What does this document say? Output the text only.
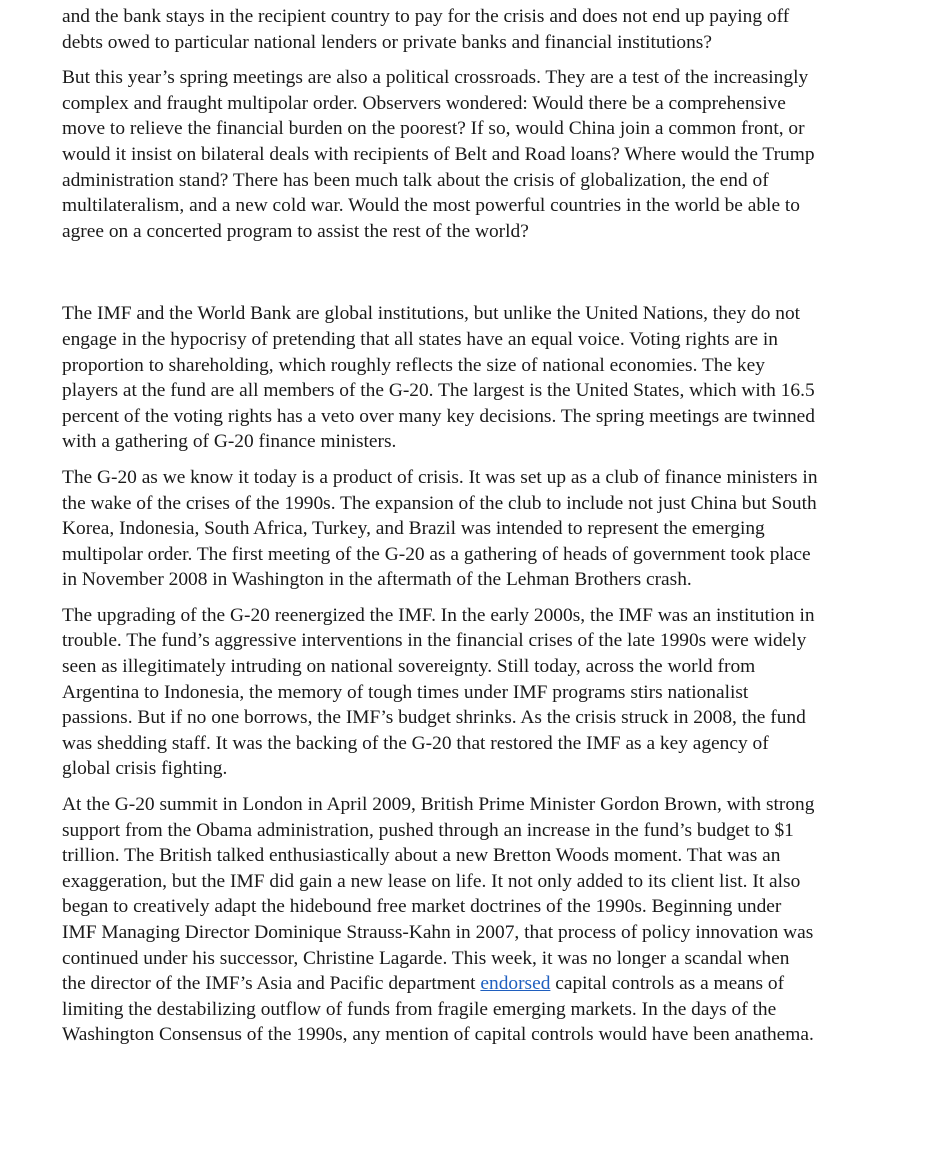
and the bank stays in the recipient country to pay for the crisis and does not end up paying off
debts owed to particular national lenders or private banks and financial institutions?

But this year’s spring meetings are also a political crossroads. They are a test of the increasingly
complex and fraught multipolar order. Observers wondered: Would there be a comprehensive
move to relieve the financial burden on the poorest? If so, would China join a common front, or
would it insist on bilateral deals with recipients of Belt and Road loans? Where would the Trump
administration stand? There has been much talk about the crisis of globalization, the end of
multilateralism, and a new cold war. Would the most powerful countries in the world be able to
agree on a concerted program to assist the rest of the world?

The IMF and the World Bank are global institutions, but unlike the United Nations, they do not
engage in the hypocrisy of pretending that all states have an equal voice. Voting rights are in
proportion to shareholding, which roughly reflects the size of national economies. The key
players at the fund are all members of the G-20. The largest is the United States, which with 16.5
percent of the voting rights has a veto over many key decisions. The spring meetings are twinned
with a gathering of G-20 finance ministers.

The G-20 as we know it today is a product of crisis. It was set up as a club of finance ministers in
the wake of the crises of the 1990s. The expansion of the club to include not just China but South
Korea, Indonesia, South Africa, Turkey, and Brazil was intended to represent the emerging
multipolar order. The first meeting of the G-20 as a gathering of heads of government took place
in November 2008 in Washington in the aftermath of the Lehman Brothers crash.

The upgrading of the G-20 reenergized the IMF. In the early 2000s, the IMF was an institution in
trouble. The fund’s aggressive interventions in the financial crises of the late 1990s were widely
seen as illegitimately intruding on national sovereignty. Still today, across the world from
Argentina to Indonesia, the memory of tough times under IMF programs stirs nationalist
passions. But if no one borrows, the IMF’s budget shrinks. As the crisis struck in 2008, the fund
was shedding staff. It was the backing of the G-20 that restored the IMF as a key agency of
global crisis fighting.

At the G-20 summit in London in April 2009, British Prime Minister Gordon Brown, with strong
support from the Obama administration, pushed through an increase in the fund’s budget to $1
trillion. The British talked enthusiastically about a new Bretton Woods moment. That was an
exaggeration, but the IMF did gain a new lease on life. It not only added to its client list. It also
began to creatively adapt the hidebound free market doctrines of the 1990s. Beginning under
IMF Managing Director Dominique Strauss-Kahn in 2007, that process of policy innovation was
continued under his successor, Christine Lagarde. This week, it was no longer a scandal when
the director of the IMF’s Asia and Pacific department endorsed capital controls as a means of
limiting the destabilizing outflow of funds from fragile emerging markets. In the days of the
Washington Consensus of the 1990s, any mention of capital controls would have been anathema.
